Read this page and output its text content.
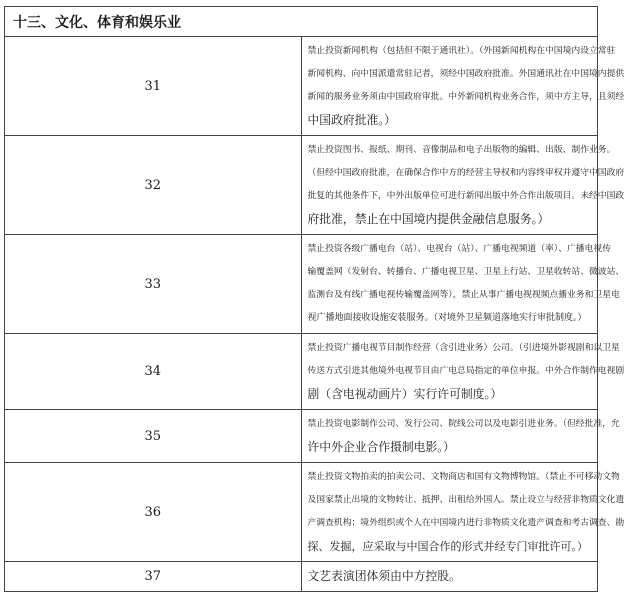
十三、文化、体育和娱乐业	
31	禁止投资新闻机构（包括但不限于通讯社）。（外国新闻机构在中国境内设立常驻
新闻机构、向中国派遣常驻记者，须经中国政府批准。外国通讯社在中国境内提供
新闻的服务业务须由中国政府审批。中外新闻机构业务合作，须中方主导，且须经
中国政府批准。）

32	禁止投资图书、报纸、期刊、音像制品和电子出版物的编辑、出版、制作业务。
（但经中国政府批准，在确保合作中方的经营主导权和内容终审权并遵守中国政府
批复的其他条件下，中外出版单位可进行新闻出版中外合作出版项目。未经中国政
府批准，禁止在中国境内提供金融信息服务。）

33	禁止投资各级广播电台（站）、电视台（站）、广播电视频道（率）、广播电视传
输覆盖网（发射台、转播台、广播电视卫星、卫星上行站、卫星收转站、微波站、
监测台及有线广播电视传输覆盖网等），禁止从事广播电视视频点播业务和卫星电
视广播地面接收设施安装服务。（对境外卫星频道落地实行审批制度。）

34	禁止投资广播电视节目制作经营（含引进业务）公司。（引进境外影视剧和以卫星
传送方式引进其他境外电视节目由广电总局指定的单位申报。中外合作制作电视剧
剧（含电视动画片）实行许可制度。）

35	禁止投资电影制作公司、发行公司、院线公司以及电影引进业务。（但经批准，允
许中外企业合作摄制电影。）

36	禁止投资文物拍卖的拍卖公司、文物商店和国有文物博物馆。（禁止不可移动文物
及国家禁止出境的文物转让、抵押、出租给外国人。禁止设立与经营非物质文化遗
产调查机构；境外组织或个人在中国境内进行非物质文化遗产调查和考古调查、勘
探、发掘，应采取与中国合作的形式并经专门审批许可。）

37	文艺表演团体须由中方控股。
